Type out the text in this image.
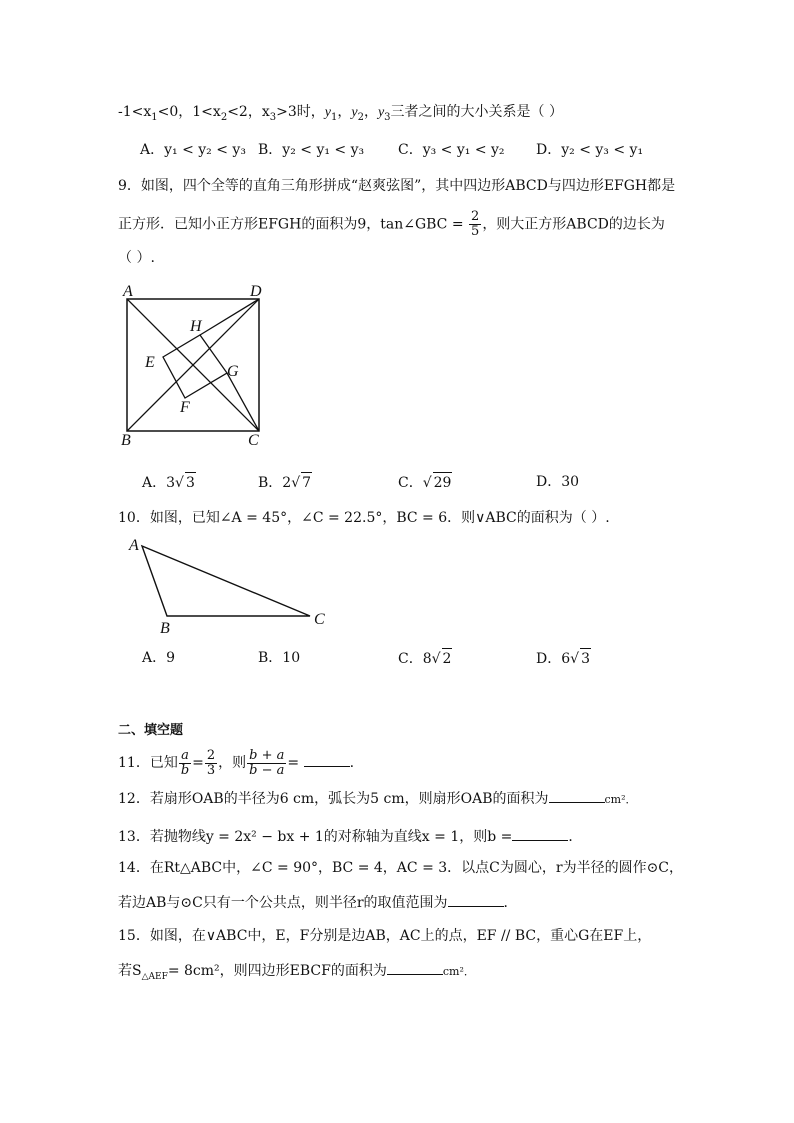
$-1<x_1<0$，$1<x_2<2$，$x_3>3$时，$y_1$，$y_2$，$y_3$三者之间的大小关系是（ ）
A．y₁ < y₂ < y₃ B．y₂ < y₁ < y₃ C．y₃ < y₁ < y₂ D．y₂ < y₃ < y₁
9．如图，四个全等的直角三角形拼成“赵爽弦图”，其中四边形ABCD与四边形EFGH都是
正方形．已知小正方形EFGH的面积为9，tan∠GBC = $\frac{2}{5}$ ，则大正方形ABCD的边长为
（ ）.
A	D
H
E
G
F
B	C
A．3√ 3	B．2√ 7	C．√ 29	D．30
10．如图，已知∠A = 45°，∠C = 22.5°，BC = 6．则∨ABC的面积为（ ）.
A
B
C
A．9	B．10	C．8√ 2	D．6√ 3
二、填空题
11．已知 $\frac{a}{b} = \frac{2}{3}$ ，则 $\frac{b + a}{b - a}$ =	.
12．若扇形OAB的半径为6 cm，弧长为5 cm，则扇形OAB的面积为	cm²．
13．若抛物线y = 2x² − bx + 1的对称轴为直线x = 1，则b =	．
14．在Rt△ABC中，∠C = 90°，BC = 4，AC = 3．以点C为圆心，r为半径的圆作⊙C，
若边AB与⊙C只有一个公共点，则半径r的取值范围为	．
15．如图，在∨ABC中，E，F分别是边AB，AC上的点，EF // BC，重心G在EF上，
若$S_{\triangle AEF}= 8cm^2$，则四边形EBCF的面积为	cm²．
